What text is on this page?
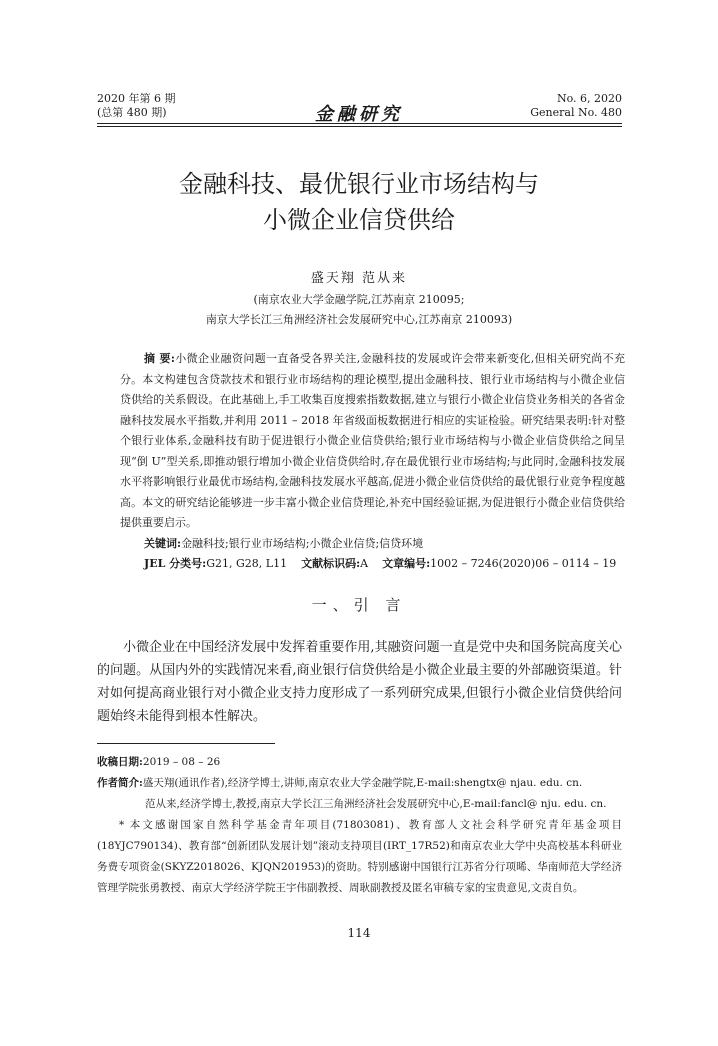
2020 年第 6 期
(总第 480 期)	金融研究
No. 6, 2020
General No. 480
金融科技、最优银行业市场结构与
小微企业信贷供给
盛天翔 范从来
(南京农业大学金融学院,江苏南京 210095;
南京大学长江三角洲经济社会发展研究中心,江苏南京 210093)

摘 要:小微企业融资问题一直备受各界关注,金融科技的发展或许会带来新变化,但相关研究尚不充分。本文构建包含贷款技术和银行业市场结构的理论模型,提出金融科技、银行业市场结构与小微企业信贷供给的关系假设。在此基础上,手工收集百度搜索指数数据,建立与银行小微企业信贷业务相关的各省金融科技发展水平指数,并利用 2011 – 2018 年省级面板数据进行相应的实证检验。研究结果表明:针对整个银行业体系,金融科技有助于促进银行小微企业信贷供给;银行业市场结构与小微企业信贷供给之间呈现“倒 U”型关系,即推动银行增加小微企业信贷供给时,存在最优银行业市场结构;与此同时,金融科技发展水平将影响银行业最优市场结构,金融科技发展水平越高,促进小微企业信贷供给的最优银行业竞争程度越高。本文的研究结论能够进一步丰富小微企业信贷理论,补充中国经验证据,为促进银行小微企业信贷供给提供重要启示。

关键词:金融科技;银行业市场结构;小微企业信贷;信贷环境

JEL 分类号:G21, G28, L11 文献标识码:A 文章编号:1002 – 7246(2020)06 – 0114 – 19

一、引 言

小微企业在中国经济发展中发挥着重要作用,其融资问题一直是党中央和国务院高度关心的问题。从国内外的实践情况来看,商业银行信贷供给是小微企业最主要的外部融资渠道。针对如何提高商业银行对小微企业支持力度形成了一系列研究成果,但银行小微企业信贷供给问题始终未能得到根本性解决。

收稿日期:2019 – 08 – 26

作者简介:盛天翔(通讯作者),经济学博士,讲师,南京农业大学金融学院,E-mail:shengtx@ njau. edu. cn.

范从来,经济学博士,教授,南京大学长江三角洲经济社会发展研究中心,E-mail:fancl@ nju. edu. cn.

* 本文感谢国家自然科学基金青年项目(71803081)、教育部人文社会科学研究青年基金项目(18YJC790134)、教育部“创新团队发展计划”滚动支持项目(IRT_17R52)和南京农业大学中央高校基本科研业务费专项资金(SKYZ2018026、KJQN201953)的资助。特别感谢中国银行江苏省分行项晞、华南师范大学经济管理学院张勇教授、南京大学经济学院王宇伟副教授、周耿副教授及匿名审稿专家的宝贵意见,文责自负。

114
